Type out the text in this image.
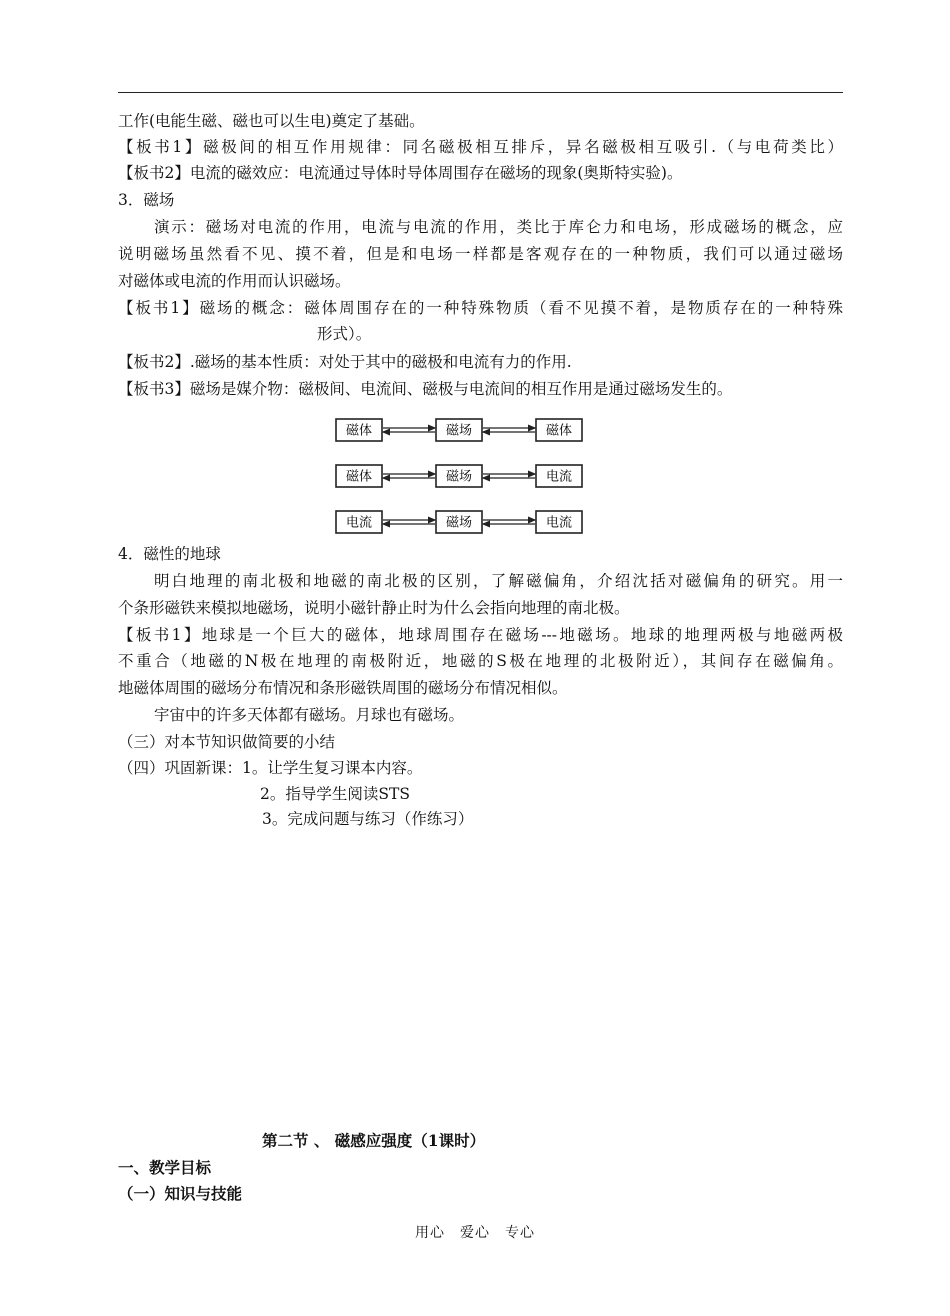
工作(电能生磁、磁也可以生电)奠定了基础。
【板书1】磁极间的相互作用规律：同名磁极相互排斥，异名磁极相互吸引.（与电荷类比）
【板书2】电流的磁效应：电流通过导体时导体周围存在磁场的现象(奥斯特实验)。
3．磁场
演示：磁场对电流的作用，电流与电流的作用，类比于库仑力和电场，形成磁场的概念，应
说明磁场虽然看不见、摸不着，但是和电场一样都是客观存在的一种物质，我们可以通过磁场
对磁体或电流的作用而认识磁场。
【板书1】磁场的概念：磁体周围存在的一种特殊物质（看不见摸不着，是物质存在的一种特殊
形式）。
【板书2】.磁场的基本性质：对处于其中的磁极和电流有力的作用.
【板书3】磁场是媒介物：磁极间、电流间、磁极与电流间的相互作用是通过磁场发生的。
磁体	磁场	磁体
磁体	磁场	电流
电流	磁场	电流
4．磁性的地球
明白地理的南北极和地磁的南北极的区别，了解磁偏角，介绍沈括对磁偏角的研究。用一
个条形磁铁来模拟地磁场，说明小磁针静止时为什么会指向地理的南北极。
【板书1】地球是一个巨大的磁体，地球周围存在磁场---地磁场。地球的地理两极与地磁两极
不重合（地磁的N极在地理的南极附近，地磁的S极在地理的北极附近），其间存在磁偏角。
地磁体周围的磁场分布情况和条形磁铁周围的磁场分布情况相似。
宇宙中的许多天体都有磁场。月球也有磁场。
（三）对本节知识做简要的小结
（四）巩固新课：1。让学生复习课本内容。
2。指导学生阅读STS
3。完成问题与练习（作练习）
第二节 、 磁感应强度（1课时）
一、教学目标
（一）知识与技能
用心　爱心　专心
